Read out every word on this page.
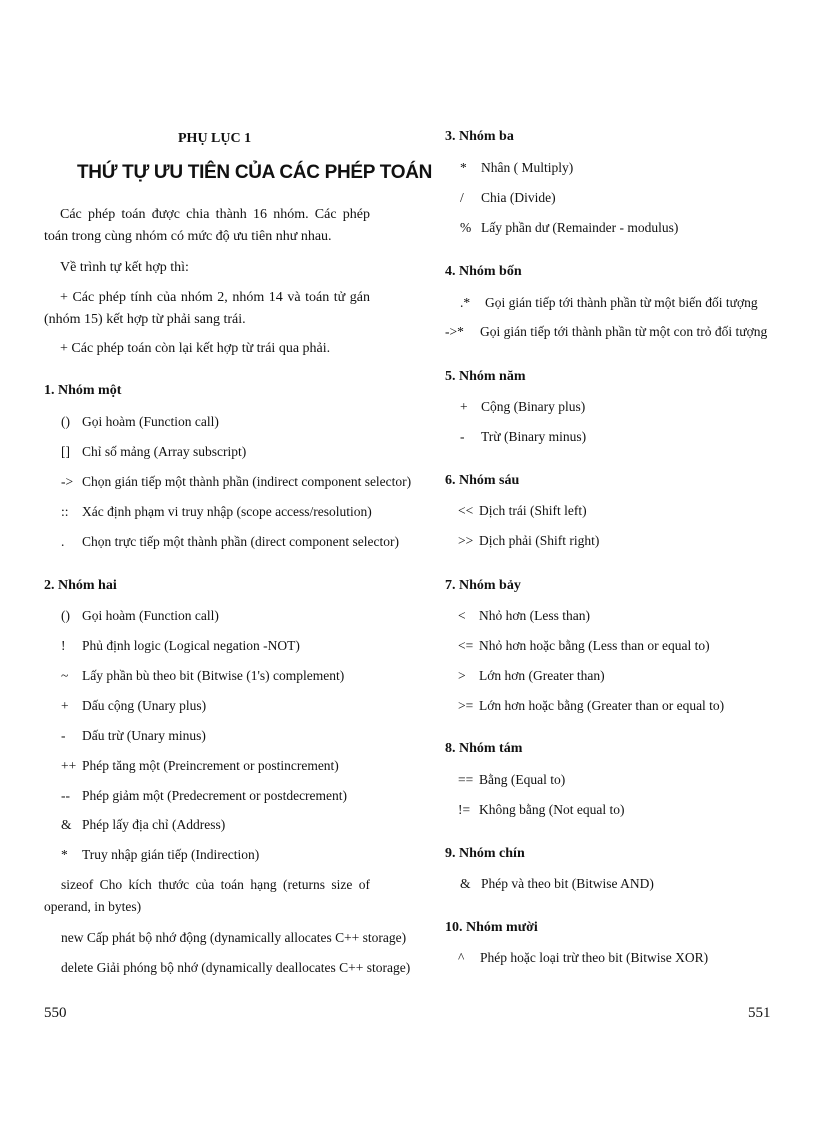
PHỤ LỤC 1
THỨ TỰ ƯU TIÊN CỦA CÁC PHÉP TOÁN
Các phép toán được chia thành 16 nhóm. Các phép toán trong cùng nhóm có mức độ ưu tiên như nhau.
Về trình tự kết hợp thì:
+ Các phép tính của nhóm 2, nhóm 14 và toán tử gán (nhóm 15) kết hợp từ phải sang trái.
+ Các phép toán còn lại kết hợp từ trái qua phải.
1. Nhóm một
() Gọi hoàm (Function call)
[] Chỉ số mảng (Array subscript)
-> Chọn gián tiếp một thành phần (indirect component selector)
:: Xác định phạm vi truy nhập (scope access/resolution)
. Chọn trực tiếp một thành phần (direct component selector)
2. Nhóm hai
() Gọi hoàm (Function call)
! Phủ định logic (Logical negation -NOT)
~ Lấy phần bù theo bit (Bitwise (1's) complement)
+ Dấu cộng (Unary plus)
- Dấu trừ (Unary minus)
++ Phép tăng một (Preincrement or postincrement)
-- Phép giảm một (Predecrement or postdecrement)
& Phép lấy địa chỉ (Address)
* Truy nhập gián tiếp (Indirection)
sizeof Cho kích thước của toán hạng (returns size of operand, in bytes)
new Cấp phát bộ nhớ động (dynamically allocates C++ storage)
delete Giải phóng bộ nhớ (dynamically deallocates C++ storage)
550
3. Nhóm ba
* Nhân ( Multiply)
/ Chia (Divide)
% Lấy phần dư (Remainder - modulus)
4. Nhóm bốn
.* Gọi gián tiếp tới thành phần từ một biến đối tượng
->* Gọi gián tiếp tới thành phần từ một con trỏ đối tượng
5. Nhóm năm
+ Cộng (Binary plus)
- Trừ (Binary minus)
6. Nhóm sáu
<< Dịch trái (Shift left)
>> Dịch phải (Shift right)
7. Nhóm bảy
< Nhỏ hơn (Less than)
<= Nhỏ hơn hoặc bằng (Less than or equal to)
> Lớn hơn (Greater than)
>= Lớn hơn hoặc bằng (Greater than or equal to)
8. Nhóm tám
== Bằng (Equal to)
!= Không bằng (Not equal to)
9. Nhóm chín
& Phép và theo bit (Bitwise AND)
10. Nhóm mười
^ Phép hoặc loại trừ theo bit (Bitwise XOR)
551
